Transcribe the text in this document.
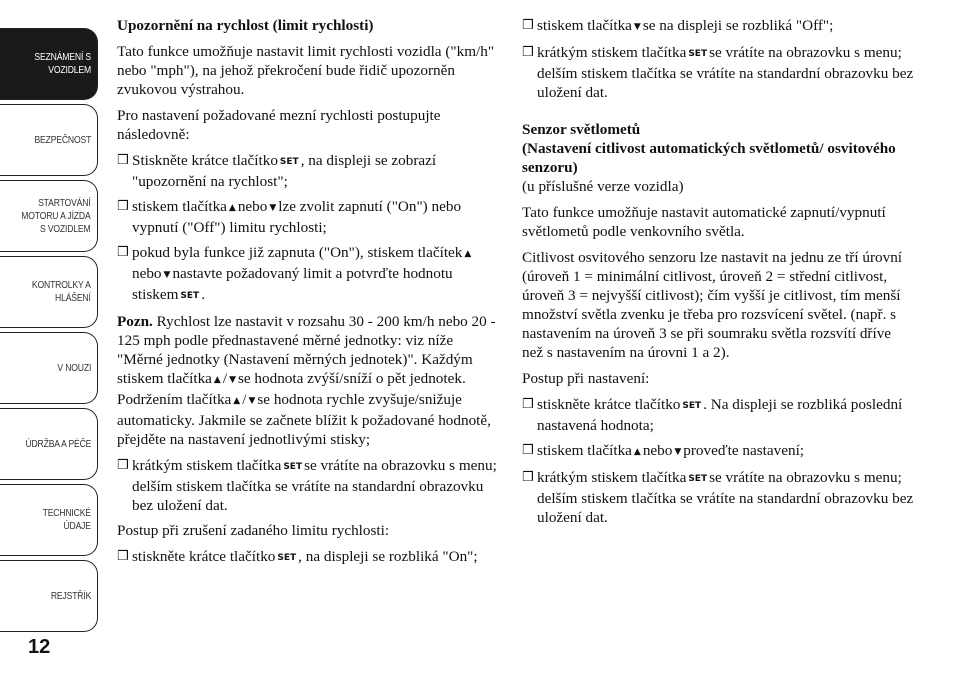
SEZNÁMENÍ S
VOZIDLEM
BEZPEČNOST
STARTOVÁNÍ
MOTORU A JÍZDA
S VOZIDLEM
KONTROLKY A
HLÁŠENÍ
V NOUZI
ÚDRŽBA A PÉČE
TECHNICKÉ
ÚDAJE
REJSTŘÍK
12

Upozornění na rychlost (limit rychlosti)

Tato funkce umožňuje nastavit limit rychlosti vozidla ("km/h" nebo "mph"), na jehož překročení bude řidič upozorněn zvukovou výstrahou.

Pro nastavení požadované mezní rychlosti postupujte následovně:

❒ Stiskněte krátce tlačítko SET , na displeji se zobrazí "upozornění na rychlost";
❒ stiskem tlačítka ▲ nebo ▼ lze zvolit zapnutí ("On") nebo vypnutí ("Off") limitu rychlosti;
❒ pokud byla funkce již zapnuta ("On"), stiskem tlačítek ▲nebo ▼ nastavte požadovaný limit a potvrďte hodnotu stiskem SET .

Pozn. Rychlost lze nastavit v rozsahu 30 - 200 km/h nebo 20 - 125 mph podle přednastavené měrné jednotky: viz níže "Měrné jednotky (Nastavení měrných jednotek)". Každým stiskem tlačítka ▲ / ▼ se hodnota zvýší/sníží o pět jednotek. Podržením tlačítka ▲ / ▼ se hodnota rychle zvyšuje/snižuje automaticky. Jakmile se začnete blížit k požadované hodnotě, přejděte na nastavení jednotlivými stisky;

❒ krátkým stiskem tlačítka SET se vrátíte na obrazovku s menu; delším stiskem tlačítka se vrátíte na standardní obrazovku bez uložení dat.

Postup při zrušení zadaného limitu rychlosti:

❒ stiskněte krátce tlačítko SET , na displeji se rozbliká "On";
❒ stiskem tlačítka ▼ se na displeji se rozbliká "Off";
❒ krátkým stiskem tlačítka SET se vrátíte na obrazovku s menu; delším stiskem tlačítka se vrátíte na standardní obrazovku bez uložení dat.

Senzor světlometů

(Nastavení citlivost automatických světlometů/ osvitového senzoru)

(u příslušné verze vozidla)

Tato funkce umožňuje nastavit automatické zapnutí/vypnutí světlometů podle venkovního světla.

Citlivost osvitového senzoru lze nastavit na jednu ze tří úrovní (úroveň 1 = minimální citlivost, úroveň 2 = střední citlivost, úroveň 3 = nejvyšší citlivost); čím vyšší je citlivost, tím menší množství světla zvenku je třeba pro rozsvícení světel. (např. s nastavením na úroveň 3 se při soumraku světla rozsvítí dříve než s nastavením na úrovni 1 a 2).

Postup při nastavení:

❒ stiskněte krátce tlačítko SET . Na displeji se rozbliká poslední nastavená hodnota;
❒ stiskem tlačítka ▲ nebo ▼ proveďte nastavení;
❒ krátkým stiskem tlačítka SET se vrátíte na obrazovku s menu; delším stiskem tlačítka se vrátíte na standardní obrazovku bez uložení dat.
